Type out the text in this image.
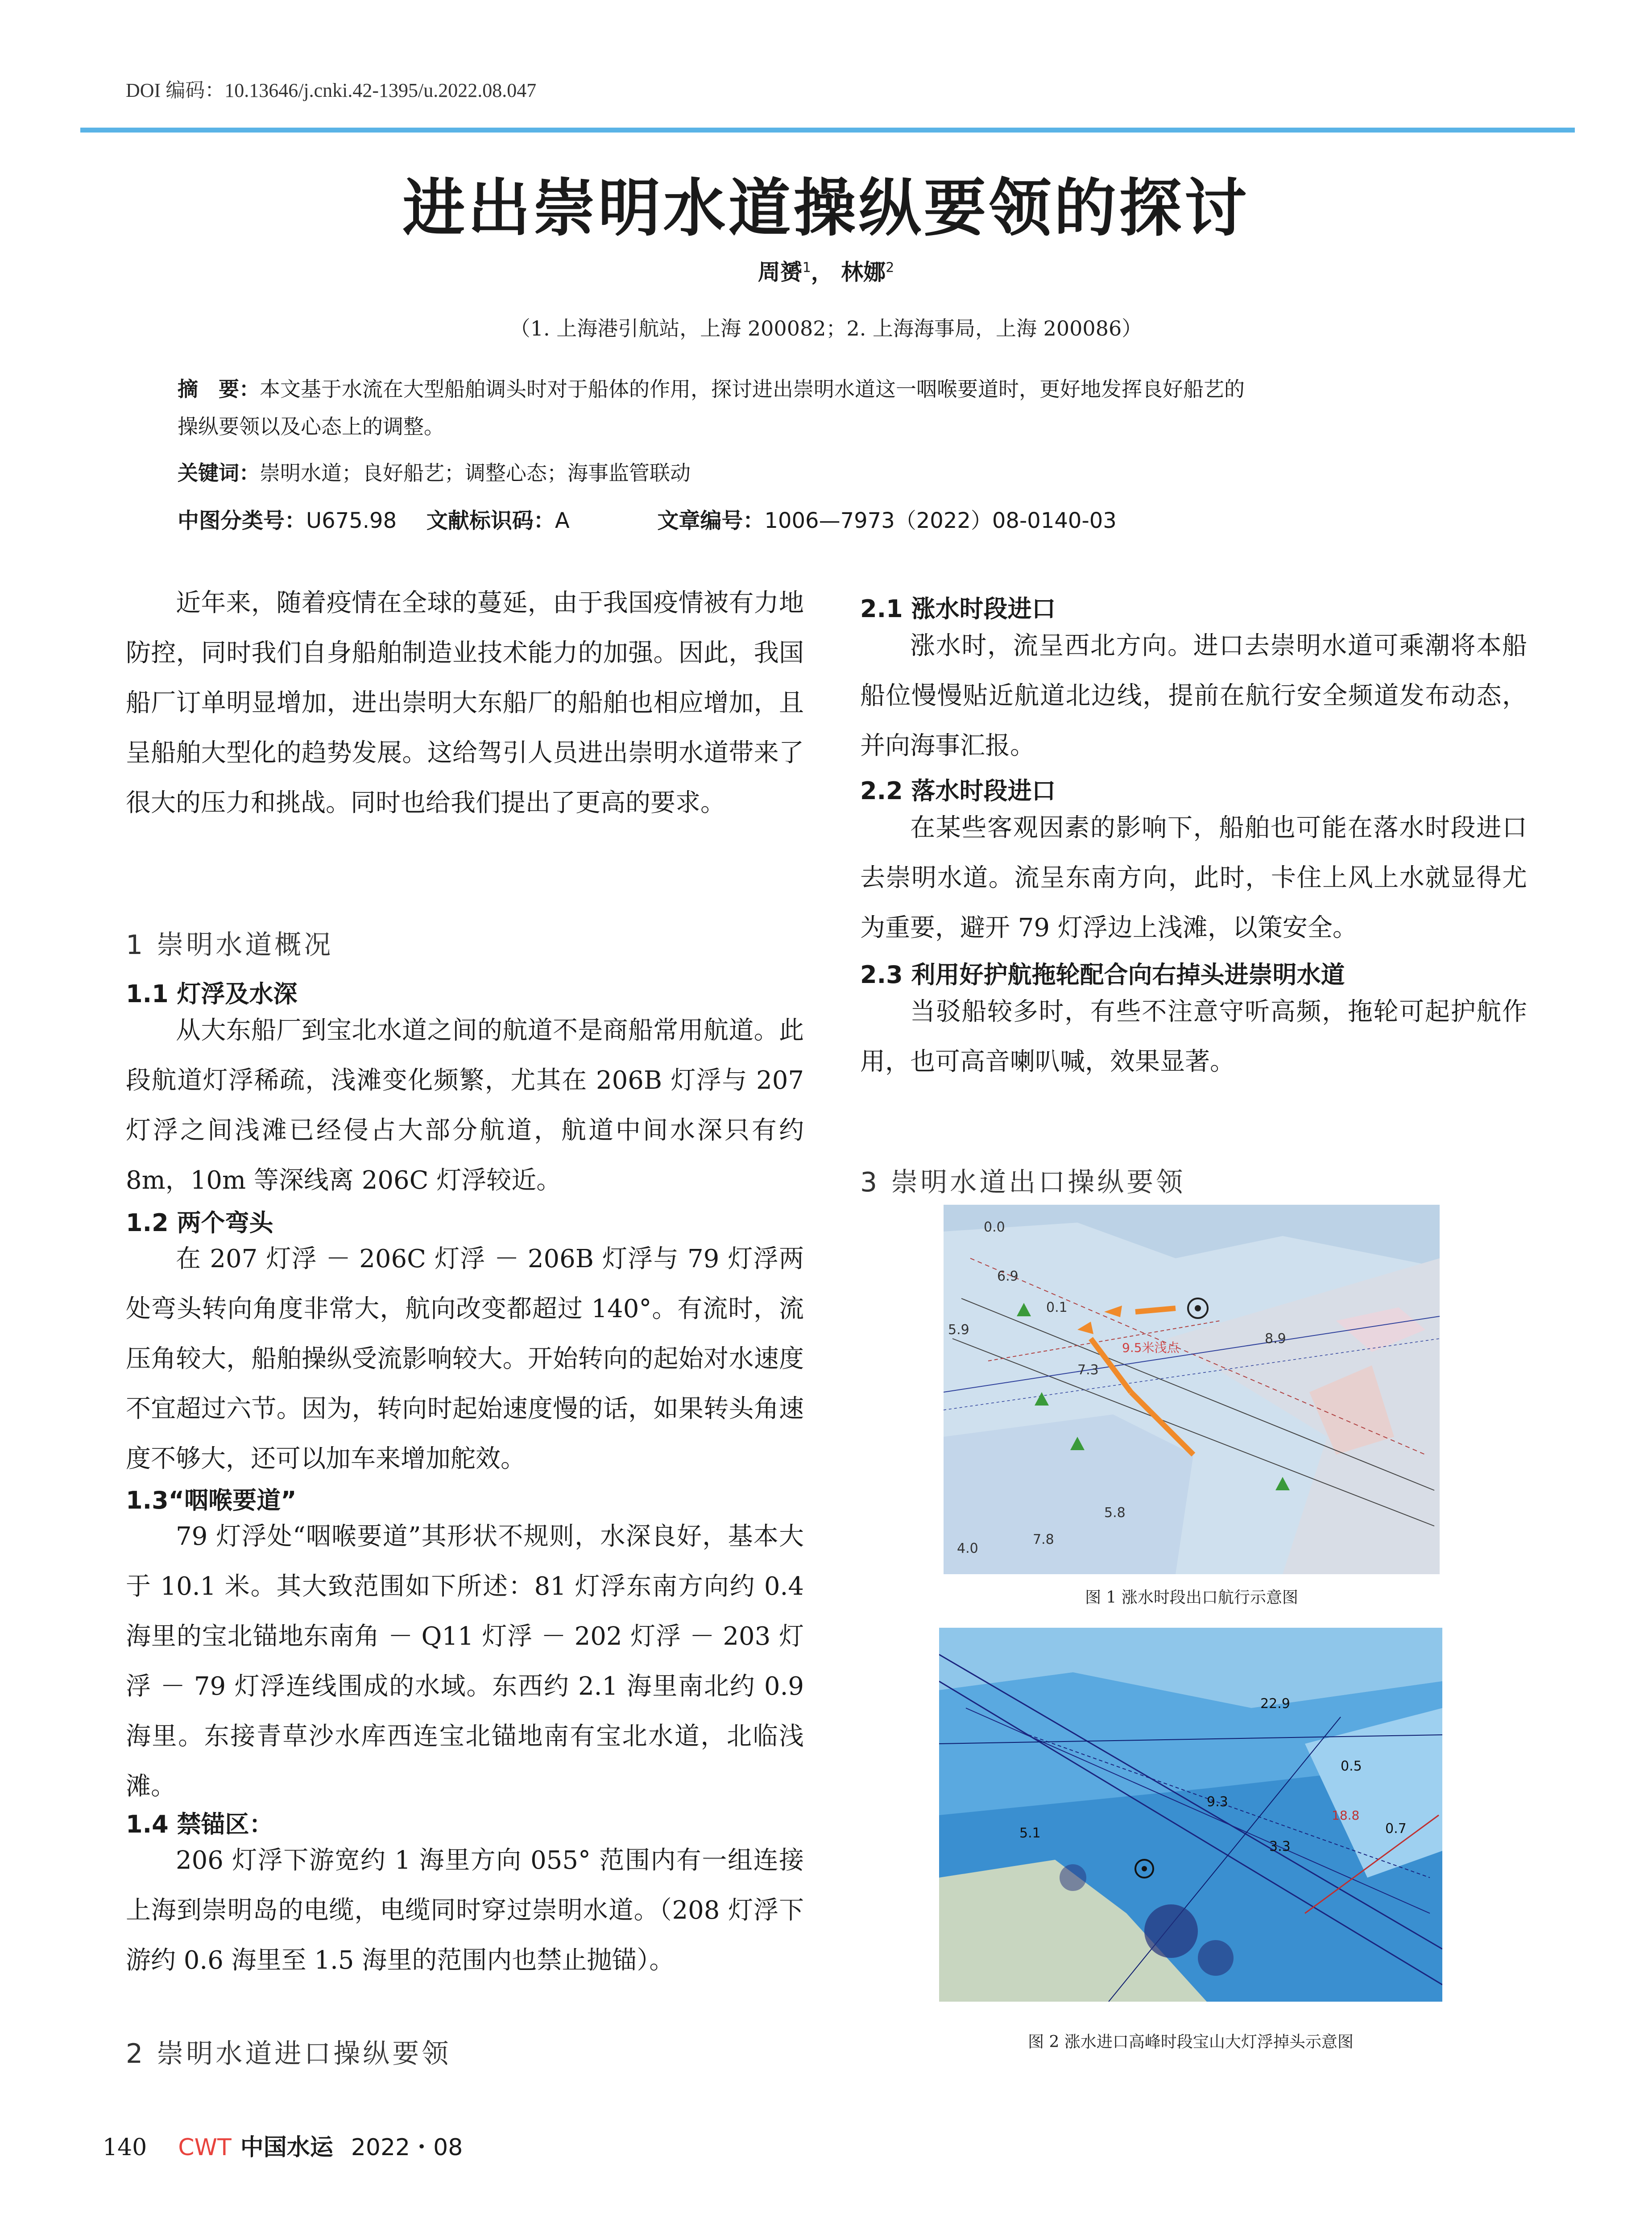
DOI 编码：10.13646/j.cnki.42-1395/u.2022.08.047
进出崇明水道操纵要领的探讨
周赟$^1$， 林娜$^2$
（1. 上海港引航站，上海 200082；2. 上海海事局，上海 200086）
摘　要：本文基于水流在大型船舶调头时对于船体的作用，探讨进出崇明水道这一咽喉要道时，更好地发挥良好船艺的
操纵要领以及心态上的调整。
关键词：崇明水道；良好船艺；调整心态；海事监管联动
中图分类号：U675.98 文献标识码：A	文章编号：1006—7973（2022）08-0140-03

近年来，随着疫情在全球的蔓延，由于我国疫情被有力地防控，同时我们自身船舶制造业技术能力的加强。因此，我国船厂订单明显增加，进出崇明大东船厂的船舶也相应增加，且呈船舶大型化的趋势发展。这给驾引人员进出崇明水道带来了很大的压力和挑战。同时也给我们提出了更高的要求。

1 崇明水道概况
1.1 灯浮及水深

从大东船厂到宝北水道之间的航道不是商船常用航道。此段航道灯浮稀疏，浅滩变化频繁，尤其在 206B 灯浮与 207 灯浮之间浅滩已经侵占大部分航道，航道中间水深只有约 8m，10m 等深线离 206C 灯浮较近。

1.2 两个弯头

在 207 灯浮 － 206C 灯浮 － 206B 灯浮与 79 灯浮两处弯头转向角度非常大，航向改变都超过 140°。有流时，流压角较大，船舶操纵受流影响较大。开始转向的起始对水速度不宜超过六节。因为，转向时起始速度慢的话，如果转头角速度不够大，还可以加车来增加舵效。

1.3“咽喉要道”

79 灯浮处“咽喉要道”其形状不规则，水深良好，基本大于 10.1 米。其大致范围如下所述：81 灯浮东南方向约 0.4 海里的宝北锚地东南角 － Q11 灯浮 － 202 灯浮 － 203 灯浮 － 79 灯浮连线围成的水域。东西约 2.1 海里南北约 0.9 海里。东接青草沙水库西连宝北锚地南有宝北水道，北临浅滩。

1.4 禁锚区：

206 灯浮下游宽约 1 海里方向 055° 范围内有一组连接上海到崇明岛的电缆，电缆同时穿过崇明水道。（208 灯浮下游约 0.6 海里至 1.5 海里的范围内也禁止抛锚）。

2 崇明水道进口操纵要领
2.1 涨水时段进口

涨水时，流呈西北方向。进口去崇明水道可乘潮将本船船位慢慢贴近航道北边线，提前在航行安全频道发布动态，并向海事汇报。

2.2 落水时段进口

在某些客观因素的影响下，船舶也可能在落水时段进口去崇明水道。流呈东南方向，此时，卡住上风上水就显得尤为重要，避开 79 灯浮边上浅滩，以策安全。

2.3 利用好护航拖轮配合向右掉头进崇明水道

当驳船较多时，有些不注意守听高频，拖轮可起护航作用，也可高音喇叭喊，效果显著。

3 崇明水道出口操纵要领
0.0
0.1
6.9
5.9
8.9
7.3
9.5米浅点
5.8
4.0
7.8
图 1 涨水时段出口航行示意图
22.9
0.5
9.3
18.8
0.7
3.3
5.1
图 2 涨水进口高峰时段宝山大灯浮掉头示意图
140 CWT 中国水运 2022・08
